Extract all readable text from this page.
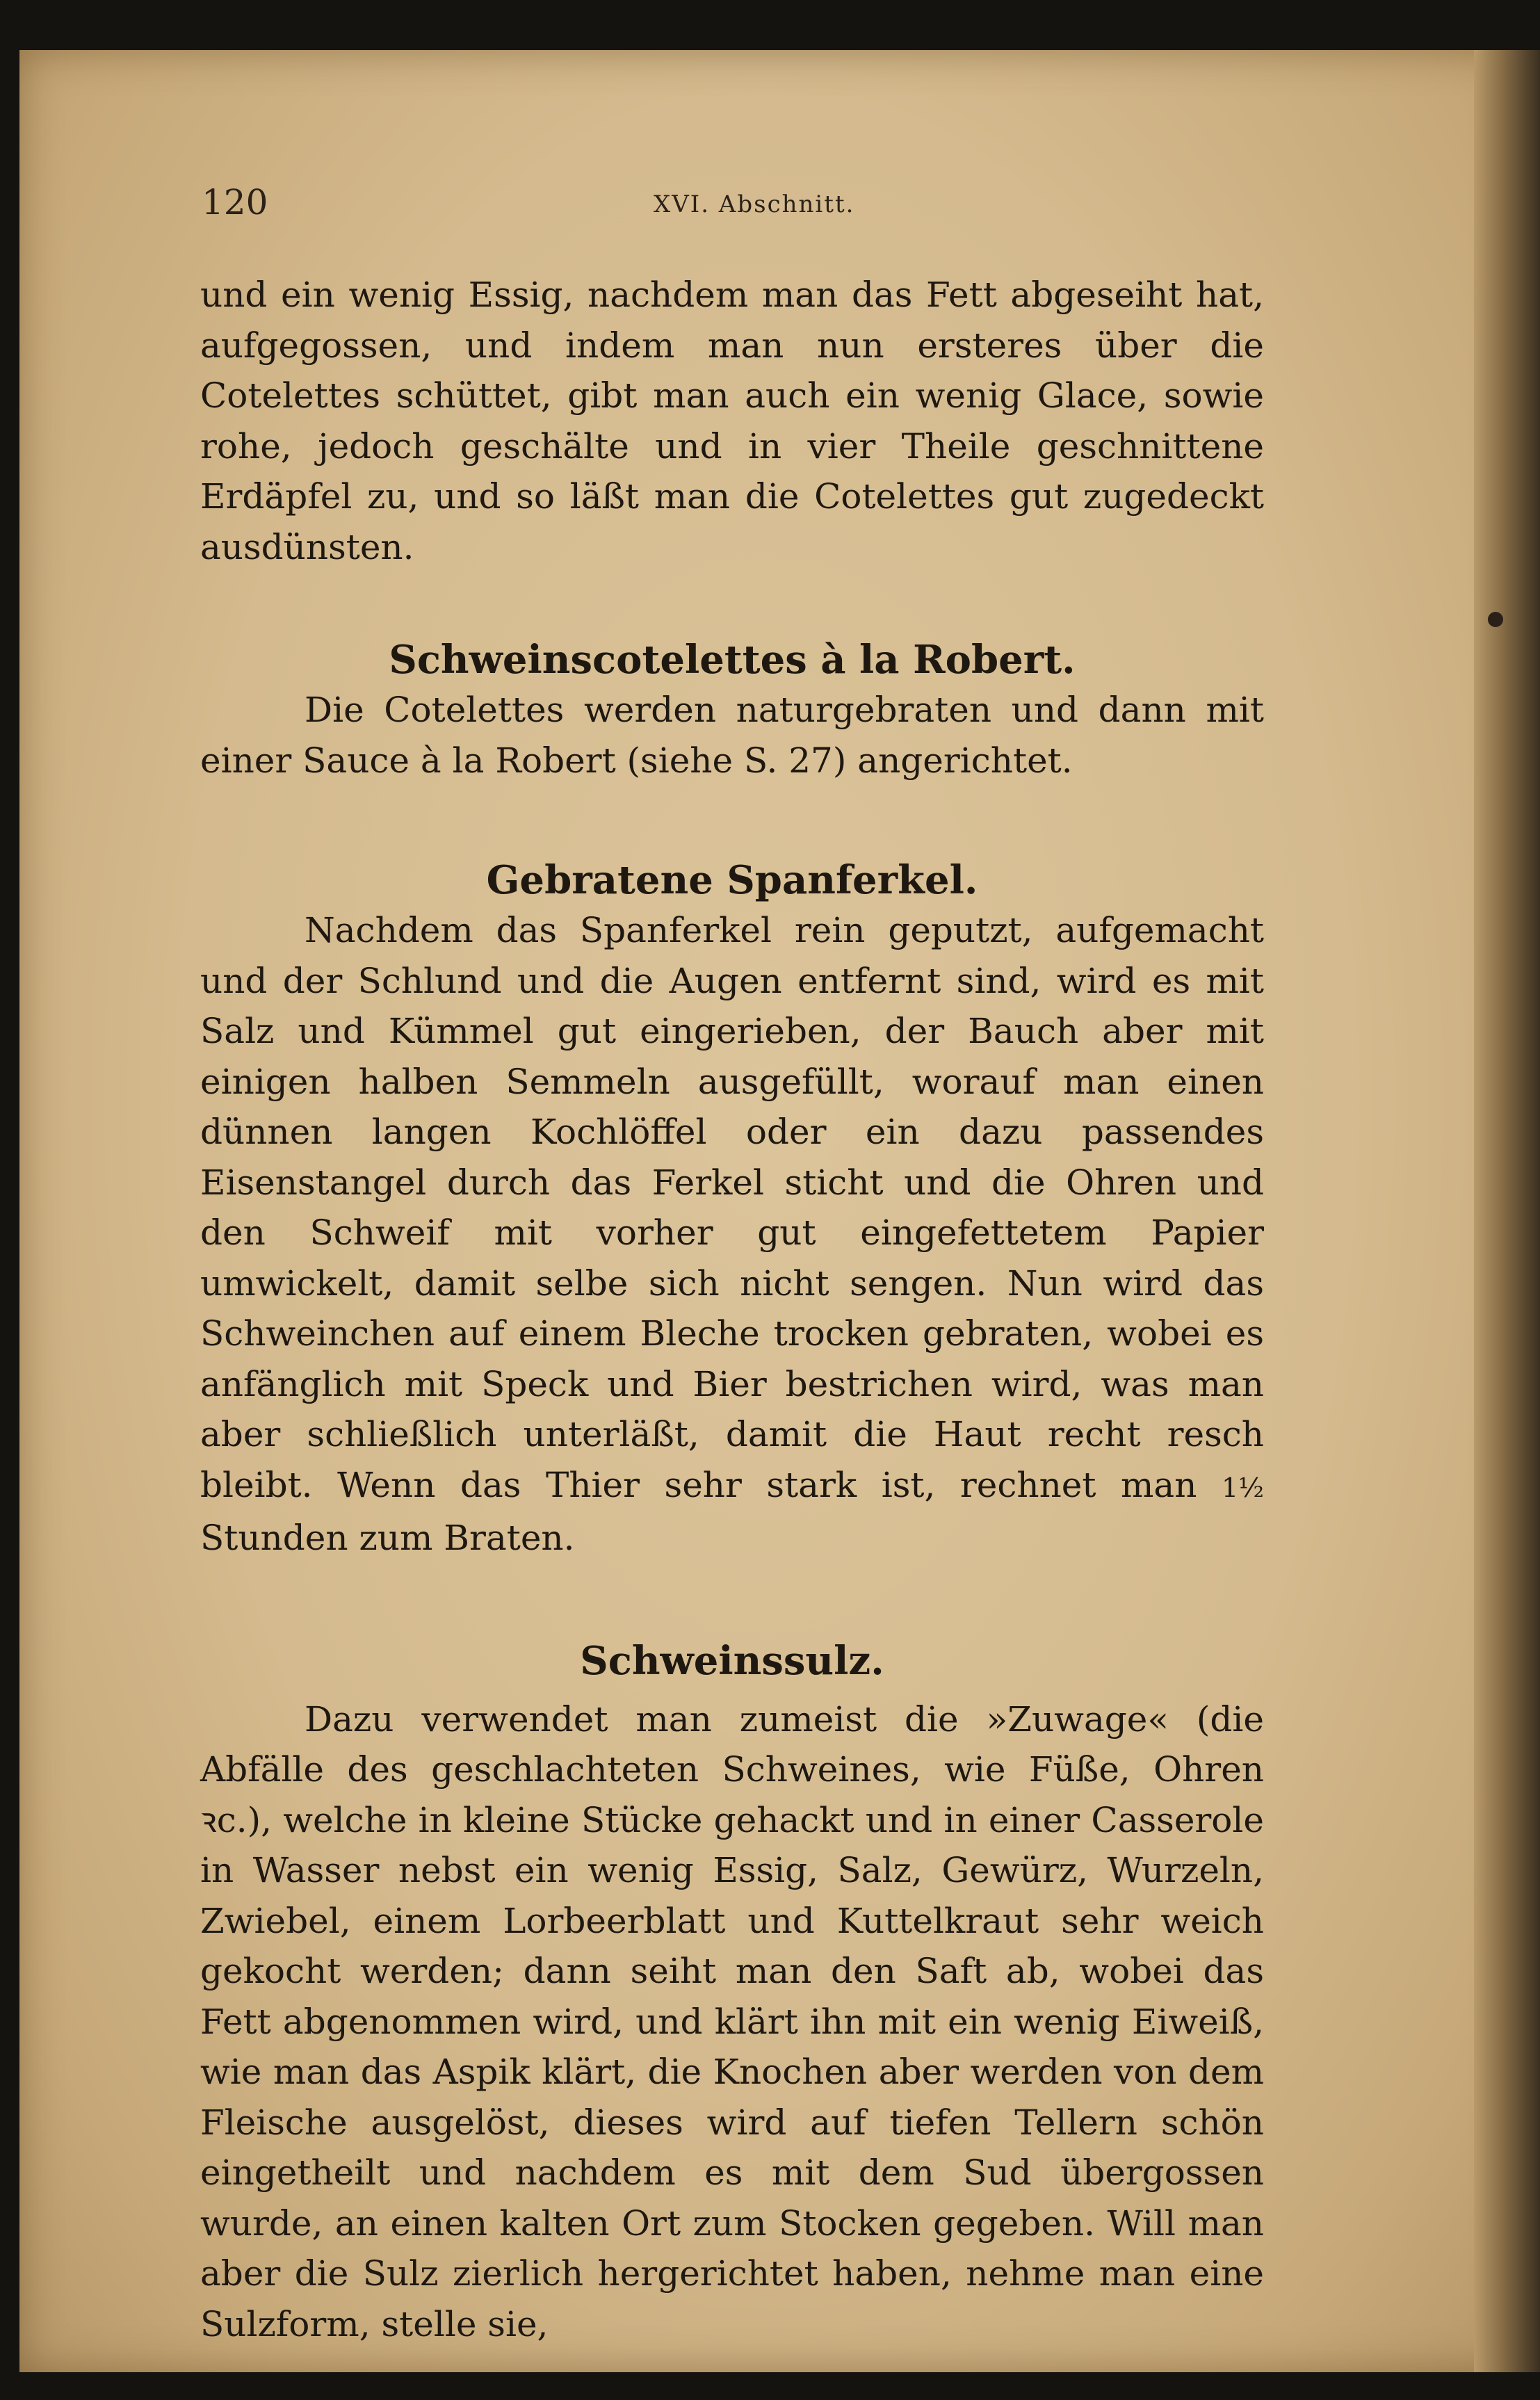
120	XVI. Abschnitt.

und ein wenig Essig, nachdem man das Fett abgeseiht hat, aufgegossen, und indem man nun ersteres über die Cotelettes schüttet, gibt man auch ein wenig Glace, sowie rohe, jedoch geschälte und in vier Theile geschnittene Erdäpfel zu, und so läßt man die Cotelettes gut zugedeckt ausdünsten.

Schweinscotelettes à la Robert.

Die Cotelettes werden naturgebraten und dann mit einer Sauce à la Robert (siehe S. 27) angerichtet.

Gebratene Spanferkel.

Nachdem das Spanferkel rein geputzt, aufgemacht und der Schlund und die Augen entfernt sind, wird es mit Salz und Kümmel gut eingerieben, der Bauch aber mit einigen halben Semmeln ausgefüllt, worauf man einen dünnen langen Kochlöffel oder ein dazu passendes Eisenstangel durch das Ferkel sticht und die Ohren und den Schweif mit vorher gut eingefettetem Papier umwickelt, damit selbe sich nicht sengen. Nun wird das Schweinchen auf einem Bleche trocken gebraten, wobei es anfänglich mit Speck und Bier bestrichen wird, was man aber schließlich unterläßt, damit die Haut recht resch bleibt. Wenn das Thier sehr stark ist, rechnet man 1½ Stunden zum Braten.

Schweinssulz.

Dazu verwendet man zumeist die »Zuwage« (die Abfälle des geschlachteten Schweines, wie Füße, Ohren ꝛc.), welche in kleine Stücke gehackt und in einer Casserole in Wasser nebst ein wenig Essig, Salz, Gewürz, Wurzeln, Zwiebel, einem Lorbeerblatt und Kuttelkraut sehr weich gekocht werden; dann seiht man den Saft ab, wobei das Fett abgenommen wird, und klärt ihn mit ein wenig Eiweiß, wie man das Aspik klärt, die Knochen aber werden von dem Fleische ausgelöst, dieses wird auf tiefen Tellern schön eingetheilt und nachdem es mit dem Sud übergossen wurde, an einen kalten Ort zum Stocken gegeben. Will man aber die Sulz zierlich hergerichtet haben, nehme man eine Sulzform, stelle sie,
